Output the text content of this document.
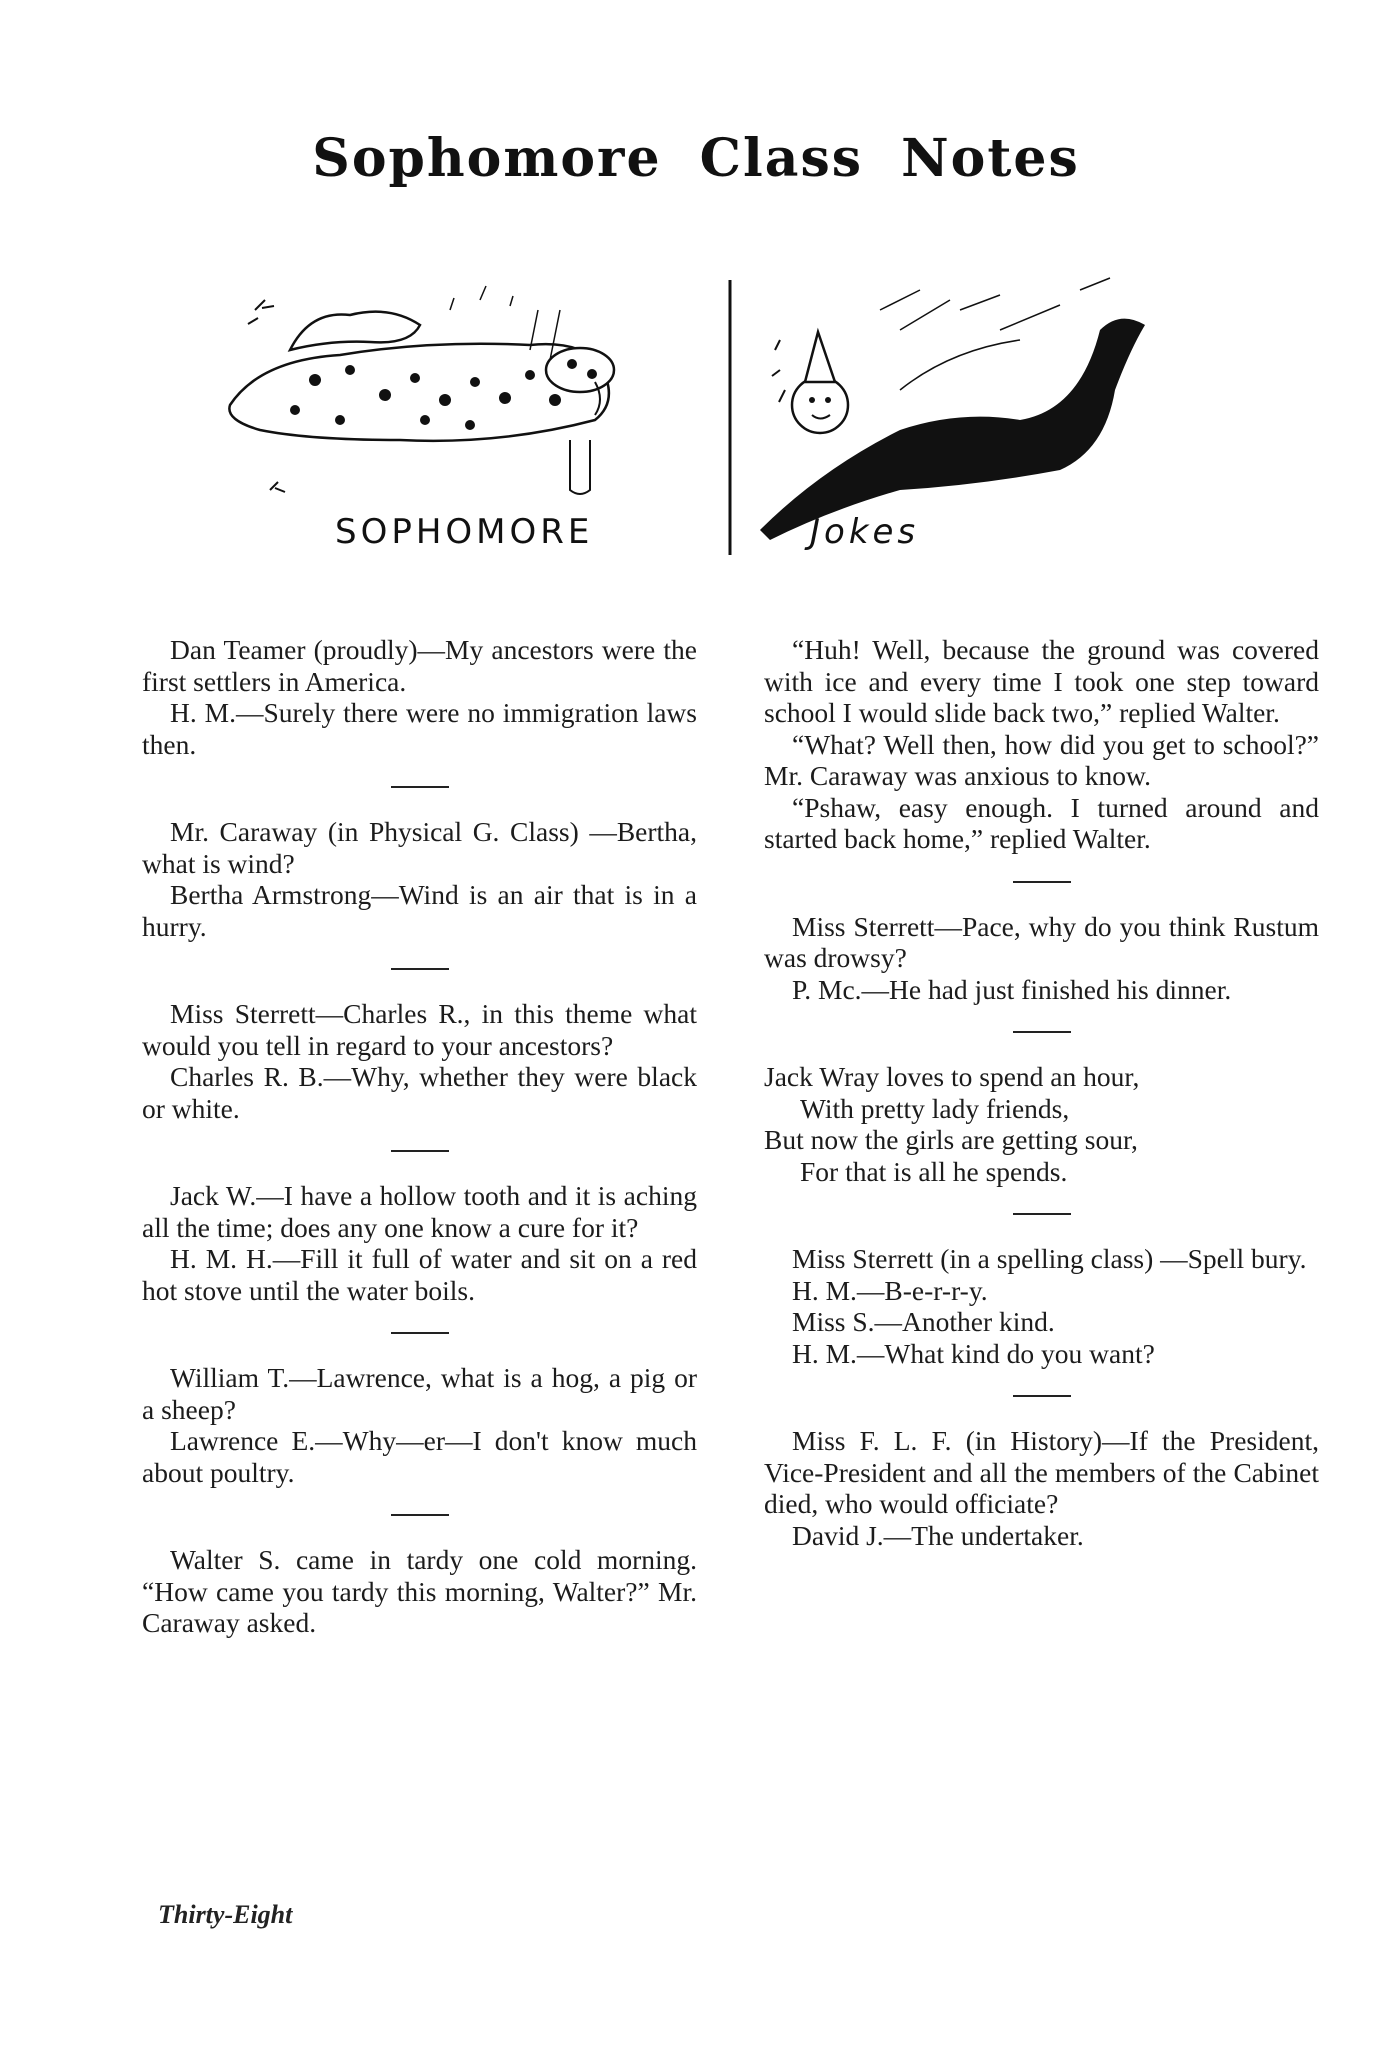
Sophomore Class Notes
SOPHOMORE	Jokes
Dan Teamer (proudly)—My ancestors were the first settlers in America.
H. M.—Surely there were no immigration laws then.
Mr. Caraway (in Physical G. Class) —Bertha, what is wind?
Bertha Armstrong—Wind is an air that is in a hurry.
Miss Sterrett—Charles R., in this theme what would you tell in regard to your ancestors?
Charles R. B.—Why, whether they were black or white.
Jack W.—I have a hollow tooth and it is aching all the time; does any one know a cure for it?
H. M. H.—Fill it full of water and sit on a red hot stove until the water boils.
William T.—Lawrence, what is a hog, a pig or a sheep?
Lawrence E.—Why—er—I don't know much about poultry.
Walter S. came in tardy one cold morning. “How came you tardy this morning, Walter?” Mr. Caraway asked.
“Huh! Well, because the ground was covered with ice and every time I took one step toward school I would slide back two,” replied Walter.
“What? Well then, how did you get to school?” Mr. Caraway was anxious to know.
“Pshaw, easy enough. I turned around and started back home,” replied Walter.
Miss Sterrett—Pace, why do you think Rustum was drowsy?
P. Mc.—He had just finished his dinner.
Jack Wray loves to spend an hour,
With pretty lady friends,
But now the girls are getting sour,
For that is all he spends.
Miss Sterrett (in a spelling class) —Spell bury.
H. M.—B-e-r-r-y.
Miss S.—Another kind.
H. M.—What kind do you want?
Miss F. L. F. (in History)—If the President, Vice-President and all the members of the Cabinet died, who would officiate?
David J.—The undertaker.
Thirty-Eight
